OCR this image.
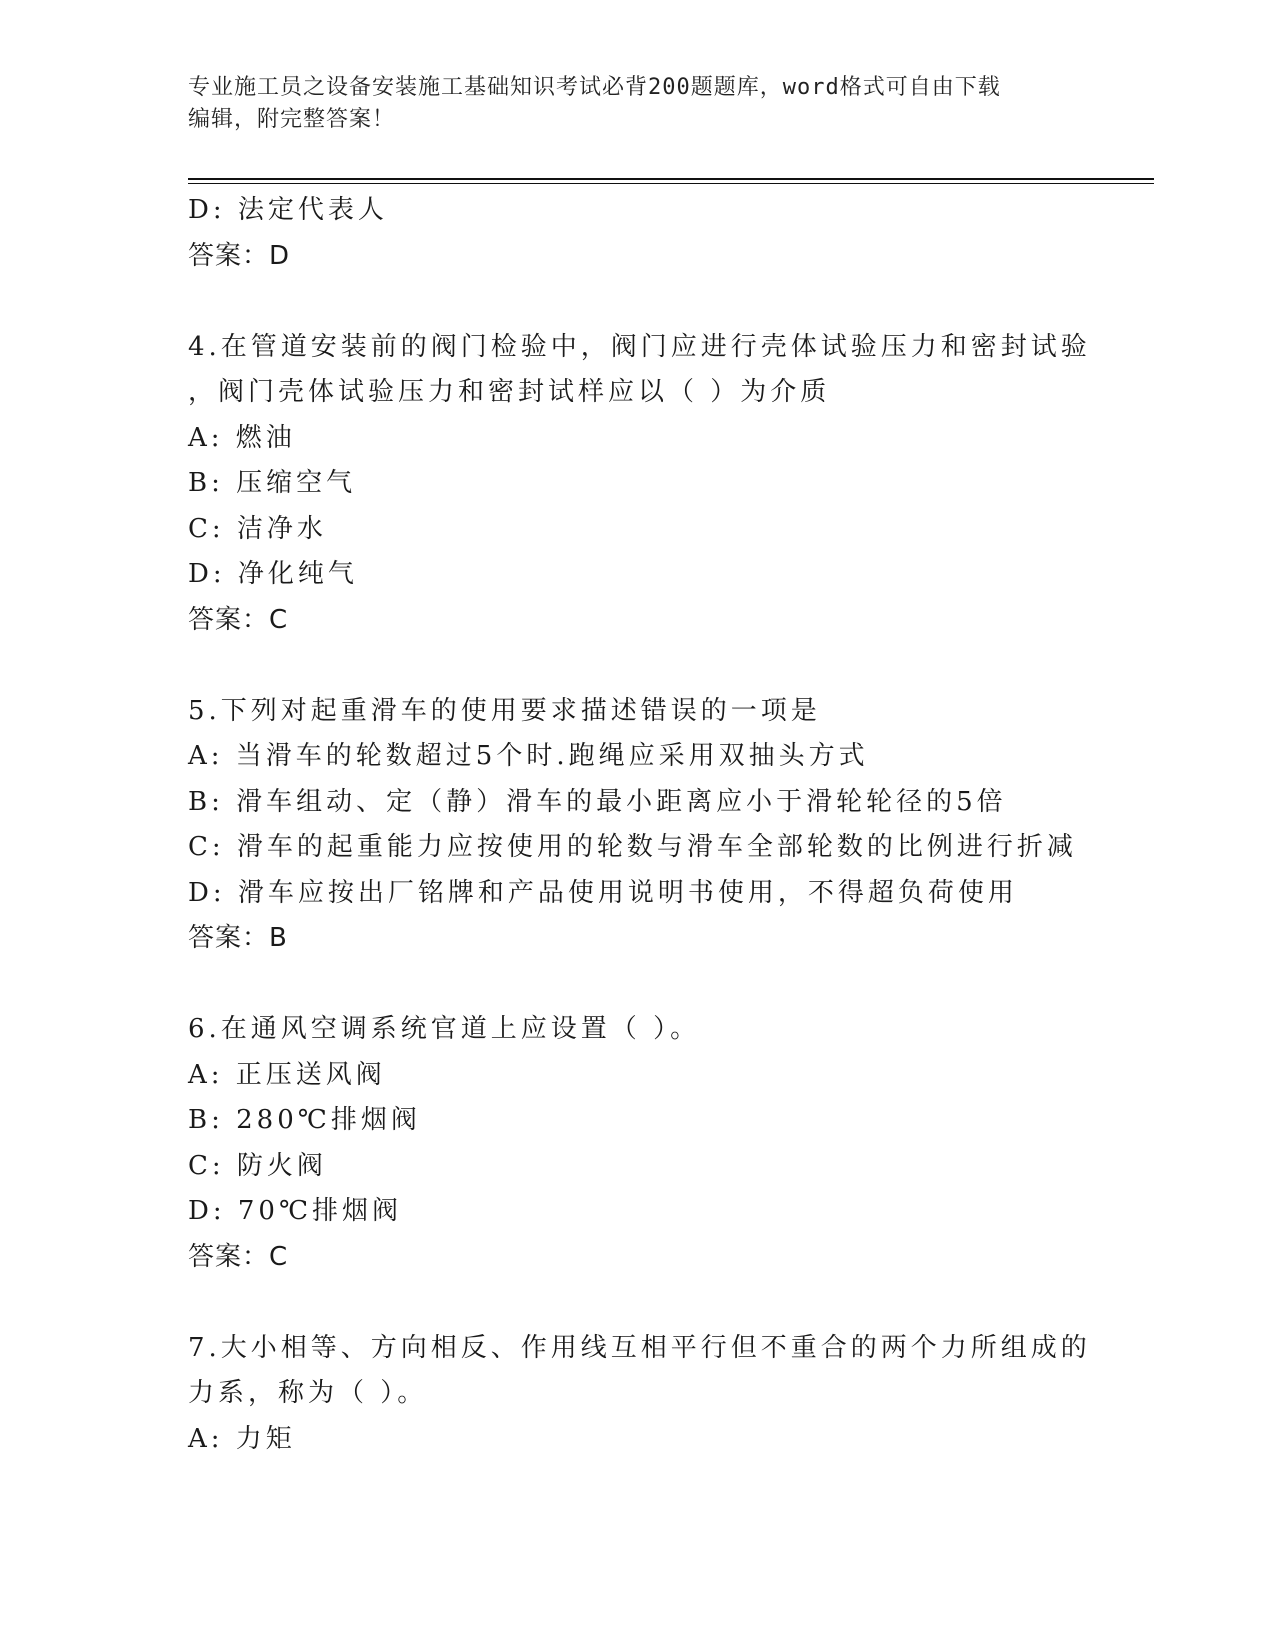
专业施工员之设备安装施工基础知识考试必背200题题库，word格式可自由下载
编辑，附完整答案！
D: 法定代表人
答案：D
4.在管道安装前的阀门检验中，阀门应进行壳体试验压力和密封试验
，阀门壳体试验压力和密封试样应以（ ）为介质
A: 燃油
B: 压缩空气
C: 洁净水
D: 净化纯气
答案：C
5.下列对起重滑车的使用要求描述错误的一项是
A: 当滑车的轮数超过5个时.跑绳应采用双抽头方式
B: 滑车组动、定（静）滑车的最小距离应小于滑轮轮径的5倍
C: 滑车的起重能力应按使用的轮数与滑车全部轮数的比例进行折减
D: 滑车应按出厂铭牌和产品使用说明书使用，不得超负荷使用
答案：B
6.在通风空调系统官道上应设置（ ）。
A: 正压送风阀
B: 280℃排烟阀
C: 防火阀
D: 70℃排烟阀
答案：C
7.大小相等、方向相反、作用线互相平行但不重合的两个力所组成的
力系，称为（ ）。
A: 力矩
